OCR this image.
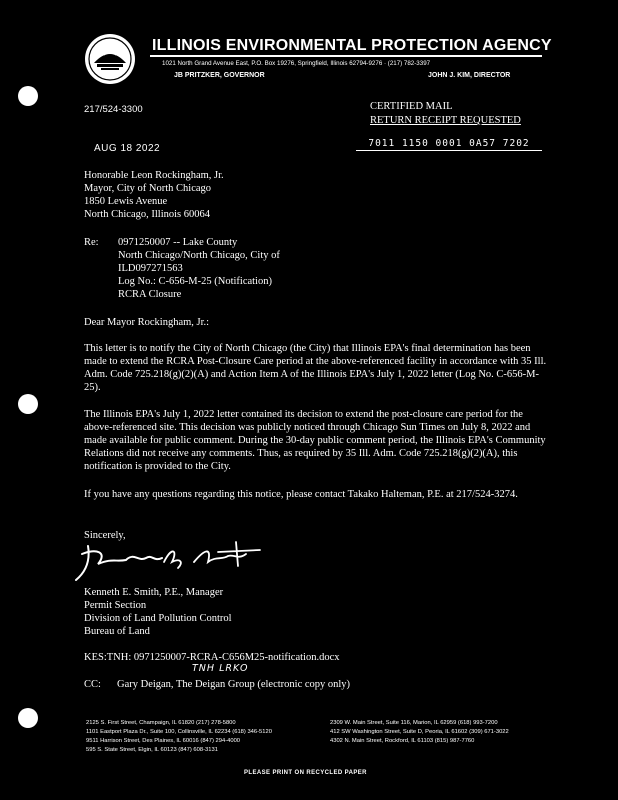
ILLINOIS ENVIRONMENTAL PROTECTION AGENCY
1021 North Grand Avenue East, P.O. Box 19276, Springfield, Illinois 62794-9276 · (217) 782-3397
JB PRITZKER, GOVERNOR	JOHN J. KIM, DIRECTOR
217/524-3300	CERTIFIED MAIL
RETURN RECEIPT REQUESTED
7011 1150 0001 0A57 7202
AUG 18 2022
Honorable Leon Rockingham, Jr.
Mayor, City of North Chicago
1850 Lewis Avenue
North Chicago, Illinois 60064
Re: 0971250007 -- Lake County
North Chicago/North Chicago, City of
ILD097271563
Log No.: C-656-M-25 (Notification)
RCRA Closure
Dear Mayor Rockingham, Jr.:
This letter is to notify the City of North Chicago (the City) that Illinois EPA's final determination has been made to extend the RCRA Post-Closure Care period at the above-referenced facility in accordance with 35 Ill. Adm. Code 725.218(g)(2)(A) and Action Item A of the Illinois EPA's July 1, 2022 letter (Log No. C-656-M-25).
The Illinois EPA's July 1, 2022 letter contained its decision to extend the post-closure care period for the above-referenced site. This decision was publicly noticed through Chicago Sun Times on July 8, 2022 and made available for public comment. During the 30-day public comment period, the Illinois EPA's Community Relations did not receive any comments. Thus, as required by 35 Ill. Adm. Code 725.218(g)(2)(A), this notification is provided to the City.
If you have any questions regarding this notice, please contact Takako Halteman, P.E. at 217/524-3274.
Sincerely,
Kenneth E. Smith, P.E., Manager
Permit Section
Division of Land Pollution Control
Bureau of Land
KES:TNH: 0971250007-RCRA-C656M25-notification.docx
TNH LRKO
CC: Gary Deigan, The Deigan Group (electronic copy only)
2125 S. First Street, Champaign, IL 61820 (217) 278-5800
1101 Eastport Plaza Dr., Suite 100, Collinsville, IL 62234 (618) 346-5120
9511 Harrison Street, Des Plaines, IL 60016 (847) 294-4000
595 S. State Street, Elgin, IL 60123 (847) 608-3131
2309 W. Main Street, Suite 116, Marion, IL 62959 (618) 993-7200
412 SW Washington Street, Suite D, Peoria, IL 61602 (309) 671-3022
4302 N. Main Street, Rockford, IL 61103 (815) 987-7760
PLEASE PRINT ON RECYCLED PAPER
